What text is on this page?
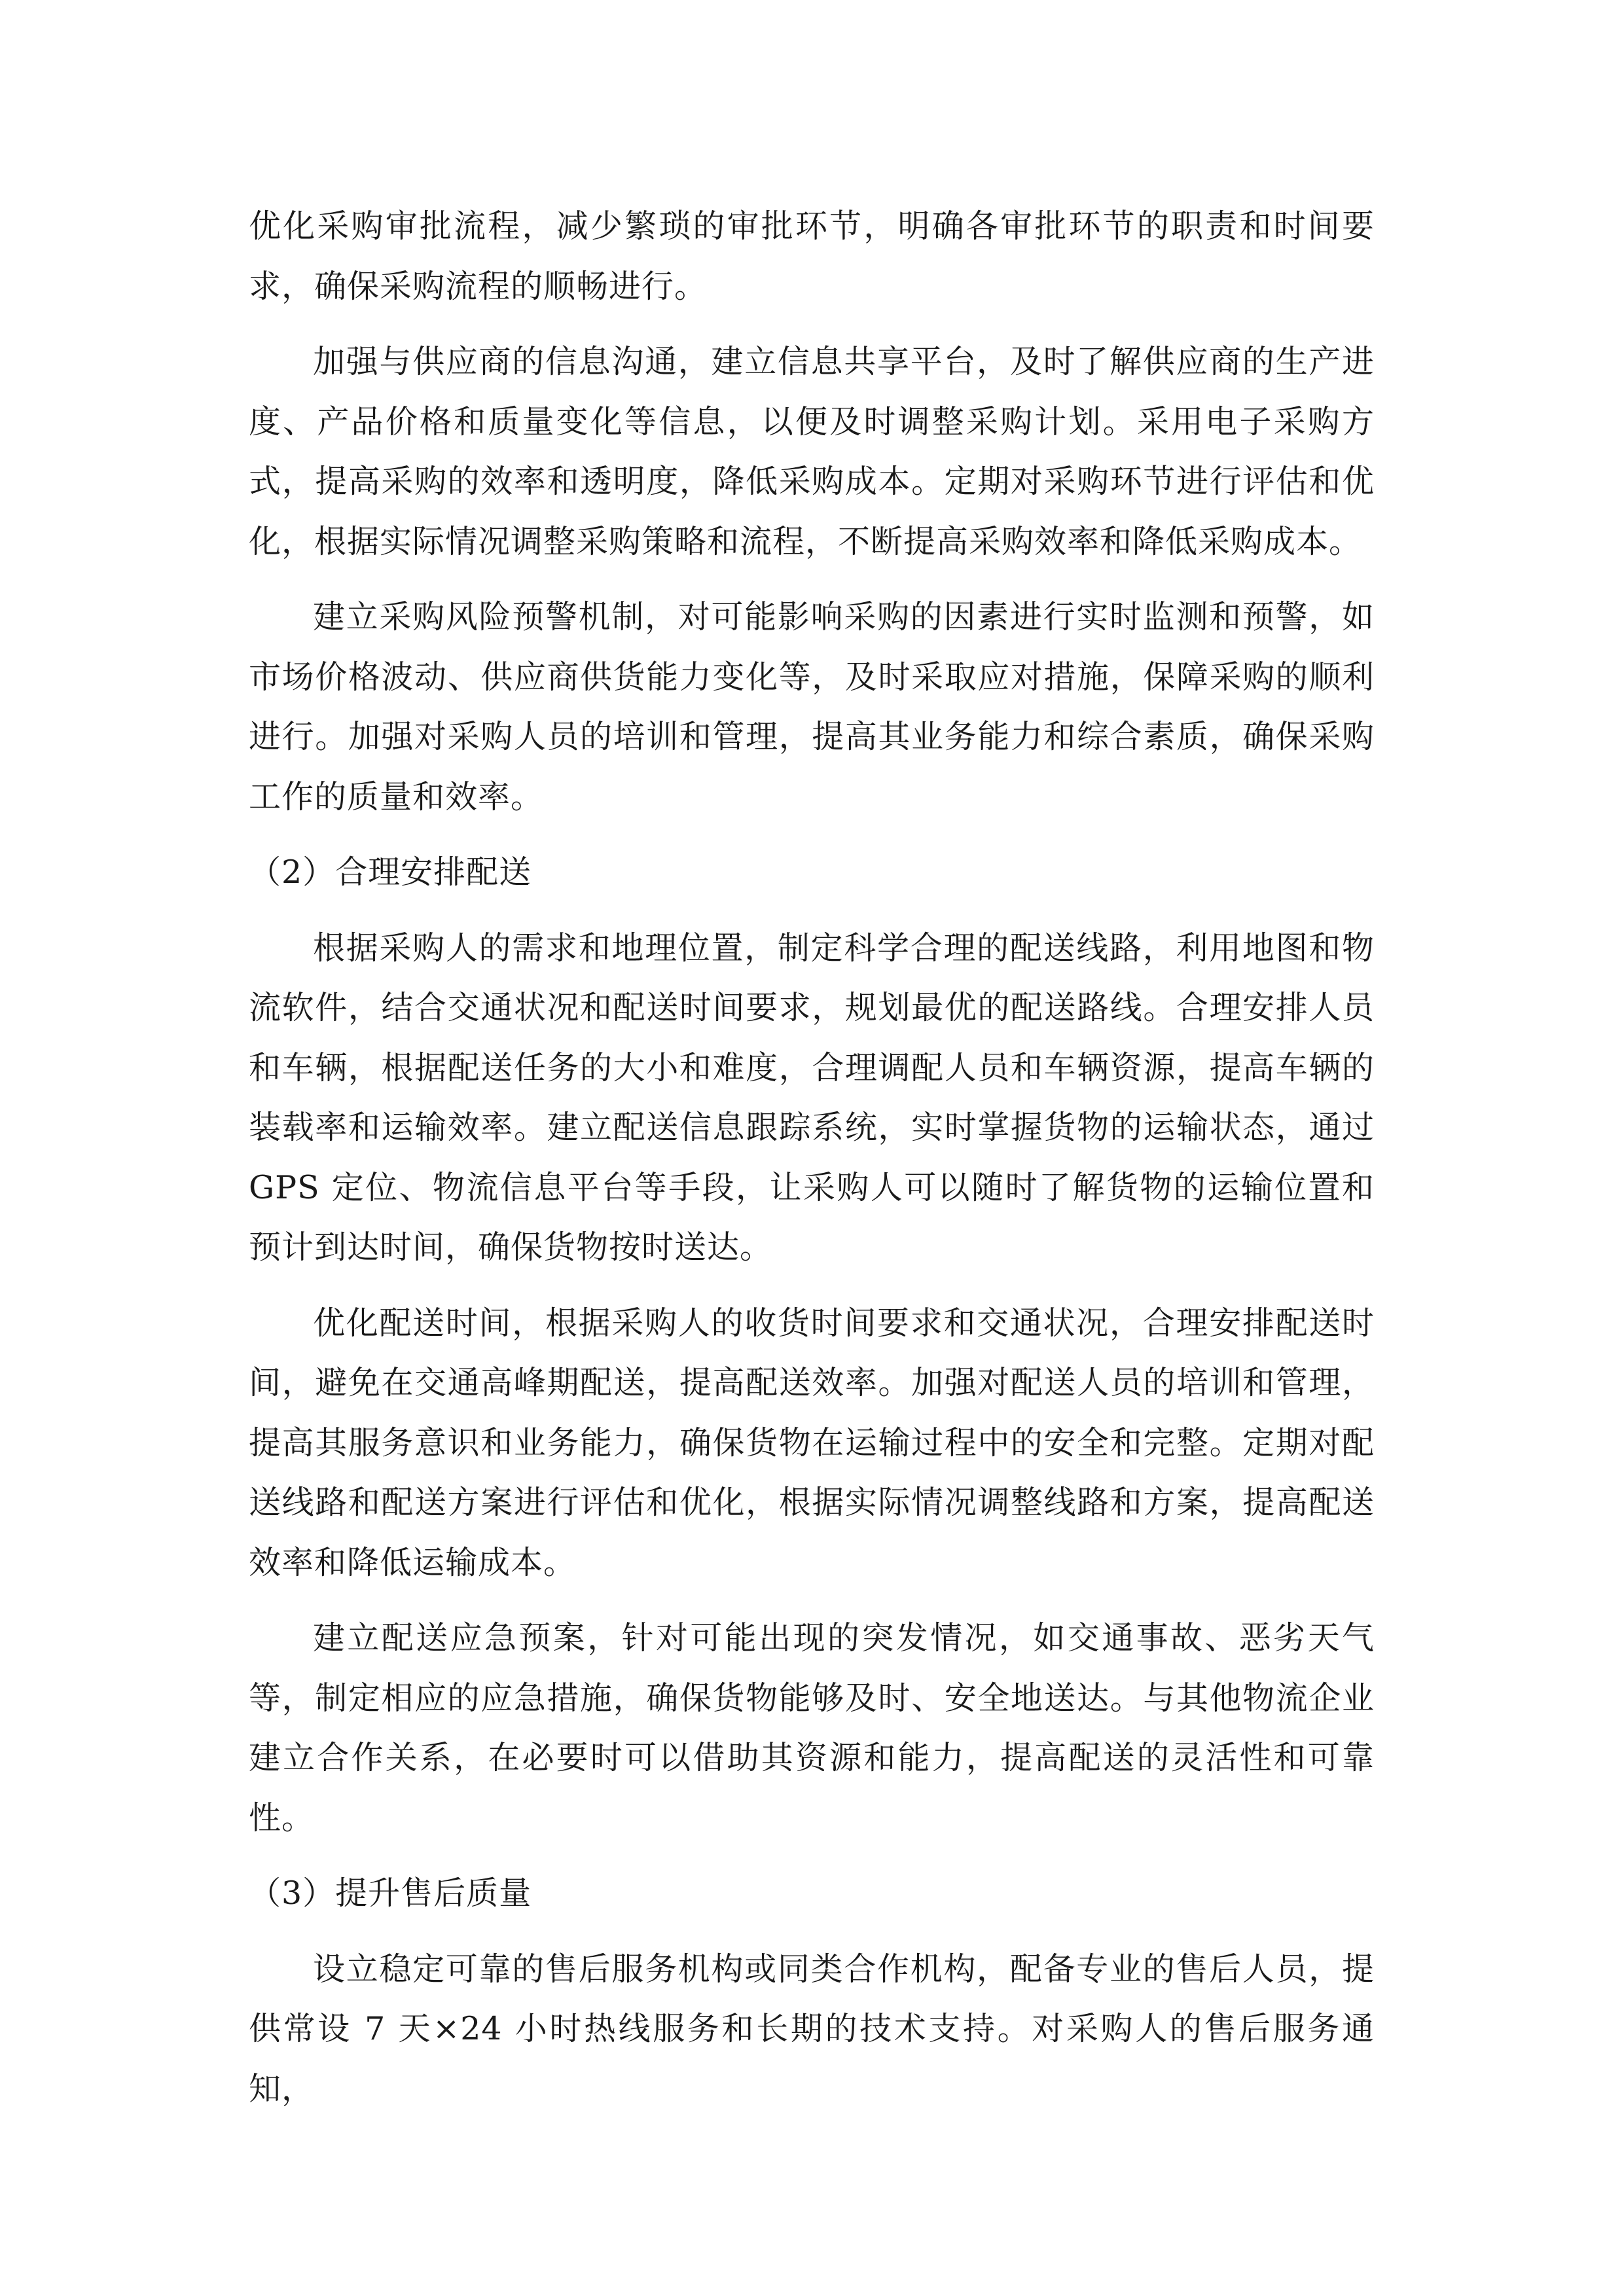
优化采购审批流程，减少繁琐的审批环节，明确各审批环节的职责和时间要求，确保采购流程的顺畅进行。

加强与供应商的信息沟通，建立信息共享平台，及时了解供应商的生产进度、产品价格和质量变化等信息，以便及时调整采购计划。采用电子采购方式，提高采购的效率和透明度，降低采购成本。定期对采购环节进行评估和优化，根据实际情况调整采购策略和流程，不断提高采购效率和降低采购成本。

建立采购风险预警机制，对可能影响采购的因素进行实时监测和预警，如市场价格波动、供应商供货能力变化等，及时采取应对措施，保障采购的顺利进行。加强对采购人员的培训和管理，提高其业务能力和综合素质，确保采购工作的质量和效率。

（2）合理安排配送

根据采购人的需求和地理位置，制定科学合理的配送线路，利用地图和物流软件，结合交通状况和配送时间要求，规划最优的配送路线。合理安排人员和车辆，根据配送任务的大小和难度，合理调配人员和车辆资源，提高车辆的装载率和运输效率。建立配送信息跟踪系统，实时掌握货物的运输状态，通过 GPS 定位、物流信息平台等手段，让采购人可以随时了解货物的运输位置和预计到达时间，确保货物按时送达。

优化配送时间，根据采购人的收货时间要求和交通状况，合理安排配送时间，避免在交通高峰期配送，提高配送效率。加强对配送人员的培训和管理，提高其服务意识和业务能力，确保货物在运输过程中的安全和完整。定期对配送线路和配送方案进行评估和优化，根据实际情况调整线路和方案，提高配送效率和降低运输成本。

建立配送应急预案，针对可能出现的突发情况，如交通事故、恶劣天气等，制定相应的应急措施，确保货物能够及时、安全地送达。与其他物流企业建立合作关系，在必要时可以借助其资源和能力，提高配送的灵活性和可靠性。

（3）提升售后质量

设立稳定可靠的售后服务机构或同类合作机构，配备专业的售后人员，提供常设 7 天×24 小时热线服务和长期的技术支持。对采购人的售后服务通知，
